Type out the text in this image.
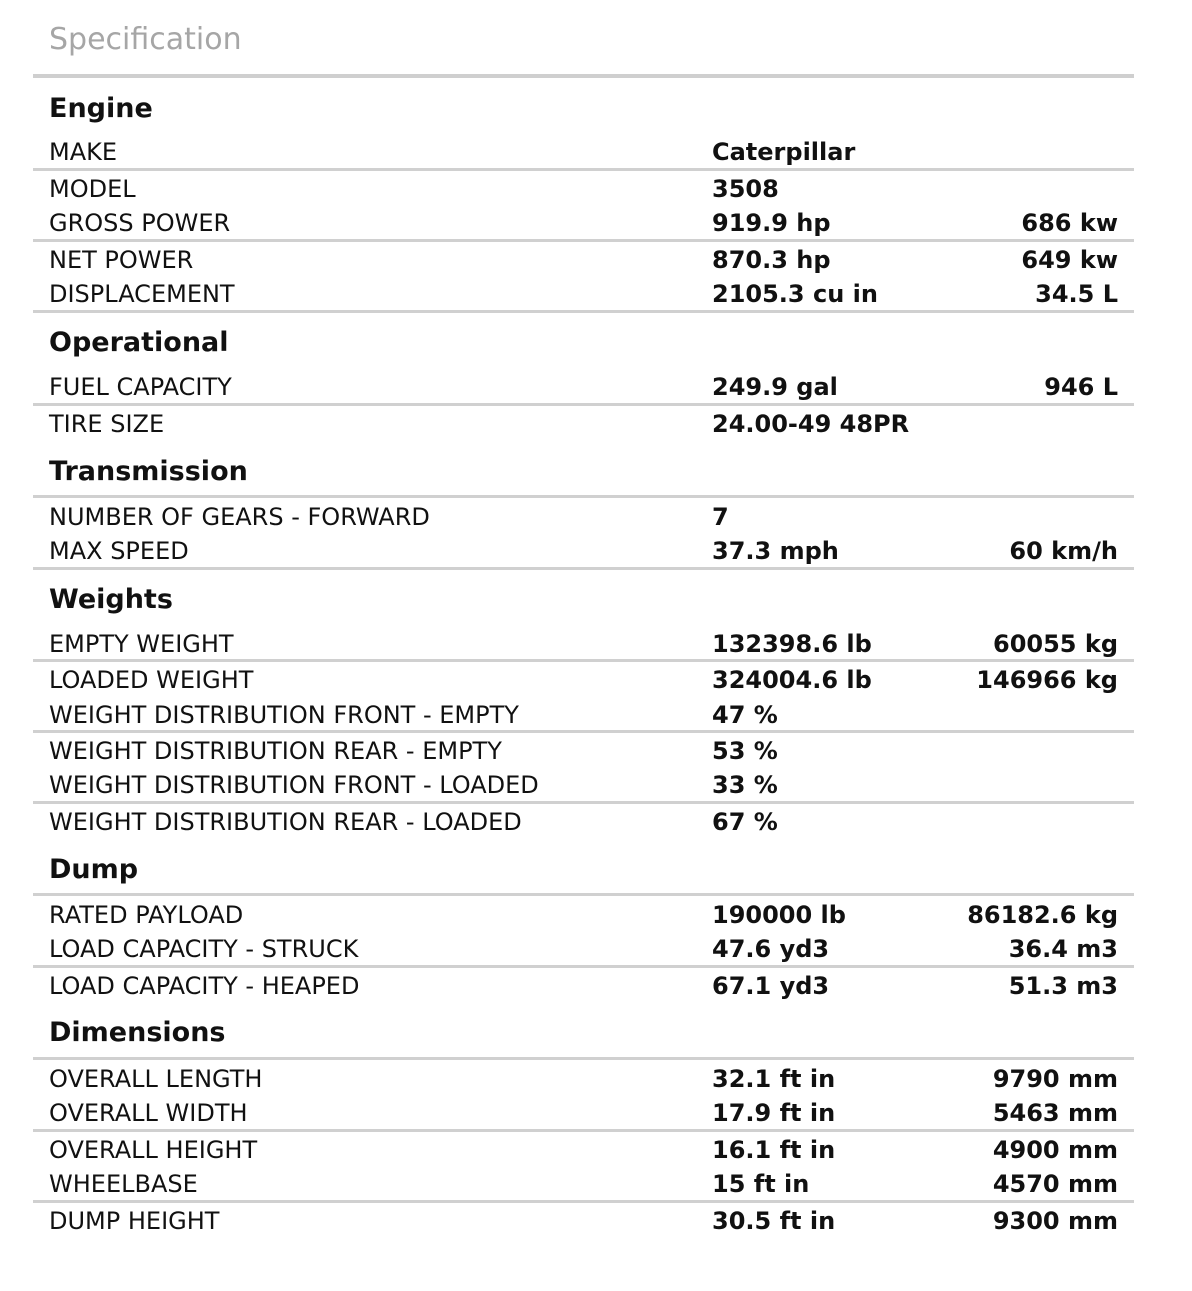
Specification
Engine
MAKE	Caterpillar
MODEL	3508
GROSS POWER	919.9 hp	686 kw
NET POWER	870.3 hp	649 kw
DISPLACEMENT	2105.3 cu in	34.5 L
Operational
FUEL CAPACITY	249.9 gal	946 L
TIRE SIZE	24.00-49 48PR
Transmission
NUMBER OF GEARS - FORWARD	7
MAX SPEED	37.3 mph	60 km/h
Weights
EMPTY WEIGHT	132398.6 lb	60055 kg
LOADED WEIGHT	324004.6 lb	146966 kg
WEIGHT DISTRIBUTION FRONT - EMPTY	47 %
WEIGHT DISTRIBUTION REAR - EMPTY	53 %
WEIGHT DISTRIBUTION FRONT - LOADED	33 %
WEIGHT DISTRIBUTION REAR - LOADED	67 %
Dump
RATED PAYLOAD	190000 lb	86182.6 kg
LOAD CAPACITY - STRUCK	47.6 yd3	36.4 m3
LOAD CAPACITY - HEAPED	67.1 yd3	51.3 m3
Dimensions
OVERALL LENGTH	32.1 ft in	9790 mm
OVERALL WIDTH	17.9 ft in	5463 mm
OVERALL HEIGHT	16.1 ft in	4900 mm
WHEELBASE	15 ft in	4570 mm
DUMP HEIGHT	30.5 ft in	9300 mm
